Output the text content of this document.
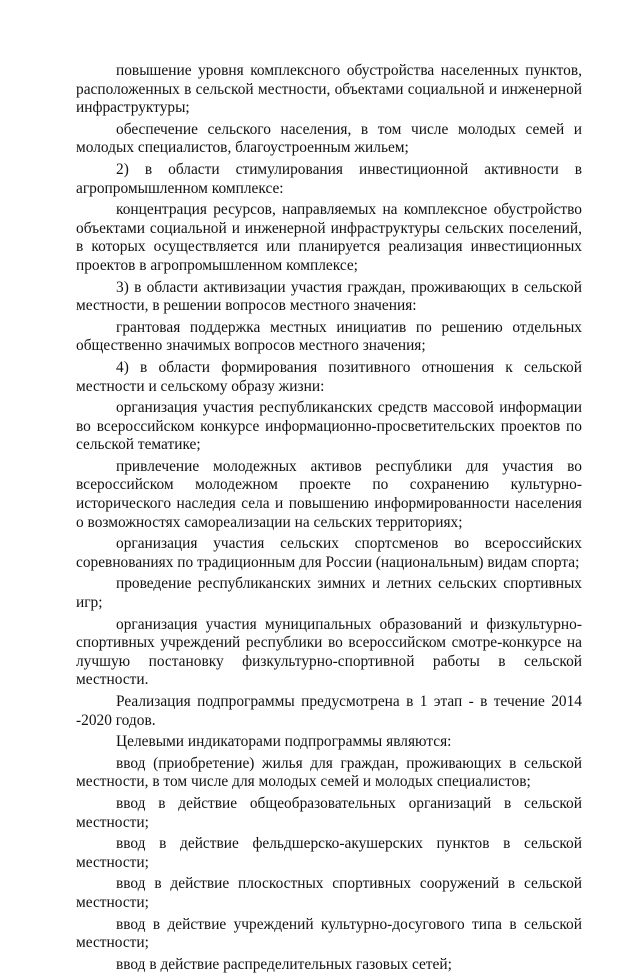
повышение уровня комплексного обустройства населенных пунктов, расположенных в сельской местности, объектами социальной и инженерной инфраструктуры;

обеспечение сельского населения, в том числе молодых семей и молодых специалистов, благоустроенным жильем;

2) в области стимулирования инвестиционной активности в агропромышленном комплексе:

концентрация ресурсов, направляемых на комплексное обустройство объектами социальной и инженерной инфраструктуры сельских поселений, в которых осуществляется или планируется реализация инвестиционных проектов в агропромышленном комплексе;

3) в области активизации участия граждан, проживающих в сельской местности, в решении вопросов местного значения:

грантовая поддержка местных инициатив по решению отдельных общественно значимых вопросов местного значения;

4) в области формирования позитивного отношения к сельской местности и сельскому образу жизни:

организация участия республиканских средств массовой информации во всероссийском конкурсе информационно-просветительских проектов по сельской тематике;

привлечение молодежных активов республики для участия во всероссийском молодежном проекте по сохранению культурно-исторического наследия села и повышению информированности населения о возможностях самореализации на сельских территориях;

организация участия сельских спортсменов во всероссийских соревнованиях по традиционным для России (национальным) видам спорта;

проведение республиканских зимних и летних сельских спортивных игр;

организация участия муниципальных образований и физкультурно-спортивных учреждений республики во всероссийском смотре-конкурсе на лучшую постановку физкультурно-спортивной работы в сельской местности.

Реализация подпрограммы предусмотрена в 1 этап - в течение 2014 -2020 годов.

Целевыми индикаторами подпрограммы являются:

ввод (приобретение) жилья для граждан, проживающих в сельской местности, в том числе для молодых семей и молодых специалистов;

ввод в действие общеобразовательных организаций в сельской местности;

ввод в действие фельдшерско-акушерских пунктов в сельской местности;

ввод в действие плоскостных спортивных сооружений в сельской местности;

ввод в действие учреждений культурно-досугового типа в сельской местности;

ввод в действие распределительных газовых сетей;
